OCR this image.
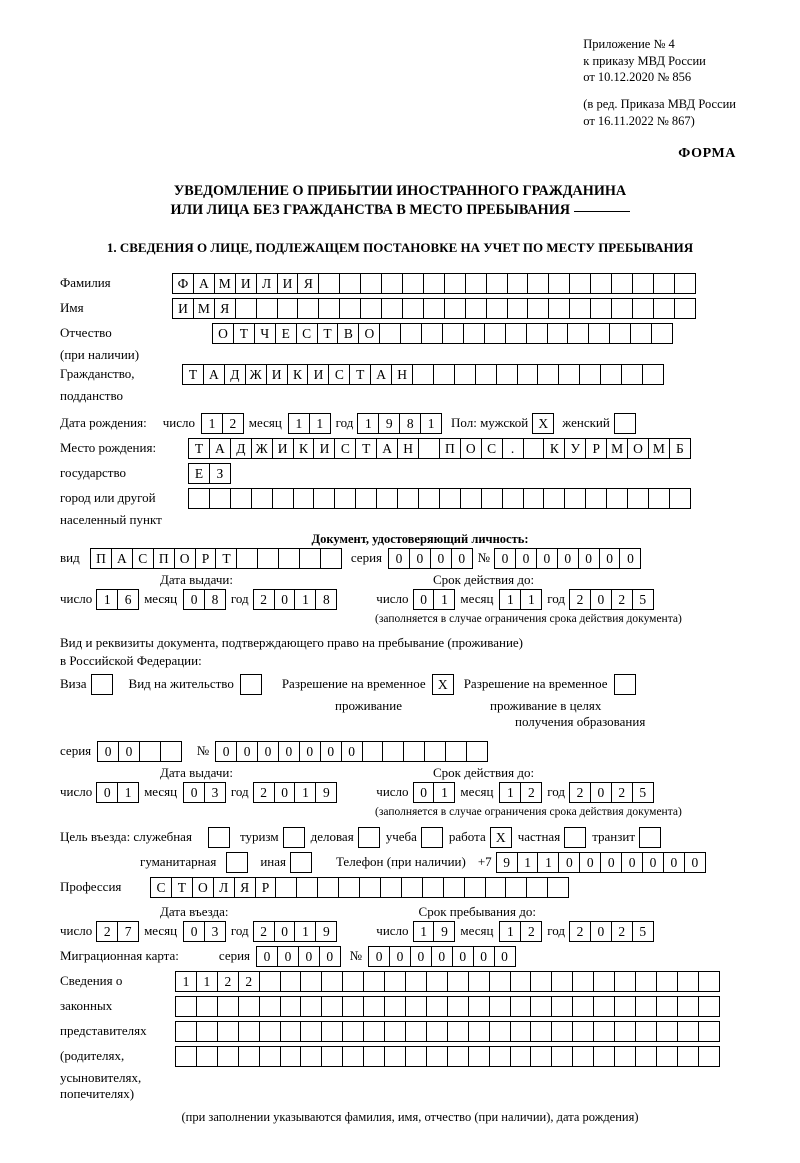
Приложение № 4
к приказу МВД России
от 10.12.2020 № 856
(в ред. Приказа МВД России
от 16.11.2022 № 867)
ФОРМА
УВЕДОМЛЕНИЕ О ПРИБЫТИИ ИНОСТРАННОГО ГРАЖДАНИНА
ИЛИ ЛИЦА БЕЗ ГРАЖДАНСТВА В МЕСТО ПРЕБЫВАНИЯ
1. СВЕДЕНИЯ О ЛИЦЕ, ПОДЛЕЖАЩЕМ ПОСТАНОВКЕ НА УЧЕТ ПО МЕСТУ ПРЕБЫВАНИЯ
Фамилия	Ф А М И Л И Я
Имя	И М Я
Отчество	О Т Ч Е С Т В О
(при наличии)
Гражданство,	Т А Д Ж И К И С Т А Н
подданство
Дата рождения: число	1	2 месяц	1	1 год 1	9	8	1	Пол: мужской X	женский
Место рождения:	Т А Д Ж И К И С Т А Н	П О С	.	К У Р М О М Б
государство	Е З
город или другой
населенный пункт
Документ, удостоверяющий личность:
вид	П А С П О Р Т	серия	0	0	0	0 № 0	0	0	0	0	0	0
Дата выдачи:	Срок действия до:
число 1	6 месяц	0	8 год 2	0	1	8	число 0	1 месяц	1	1 год 2	0	2	5
(заполняется в случае ограничения срока действия документа)
Вид и реквизиты документа, подтверждающего право на пребывание (проживание)
в Российской Федерации:
Виза	Вид на жительство	Разрешение на временное X	Разрешение на временное
проживание	проживание в целях
получения образования
серия	0	0	№	0	0	0	0	0	0	0
Дата выдачи:	Срок действия до:
число 0	1 месяц	0	3 год 2	0	1	9	число 0	1 месяц	1	2 год 2	0	2	5
(заполняется в случае ограничения срока действия документа)
Цель въезда: служебная	туризм деловая учеба работа X частная транзит
гуманитарная	иная	Телефон (при наличии) +7 9	1	1	0	0	0	0	0	0	0
Профессия	С Т О Л Я Р
Дата въезда:	Срок пребывания до:
число 2	7 месяц	0	3 год 2	0	1	9	число 1	9 месяц	1	2 год 2	0	2	5
Миграционная карта:	серия	0	0	0	0	№	0	0	0	0	0	0	0
Сведения о	1	1	2	2
законных
представителях
(родителях,
усыновителях,
попечителях)
(при заполнении указываются фамилия, имя, отчество (при наличии), дата рождения)
